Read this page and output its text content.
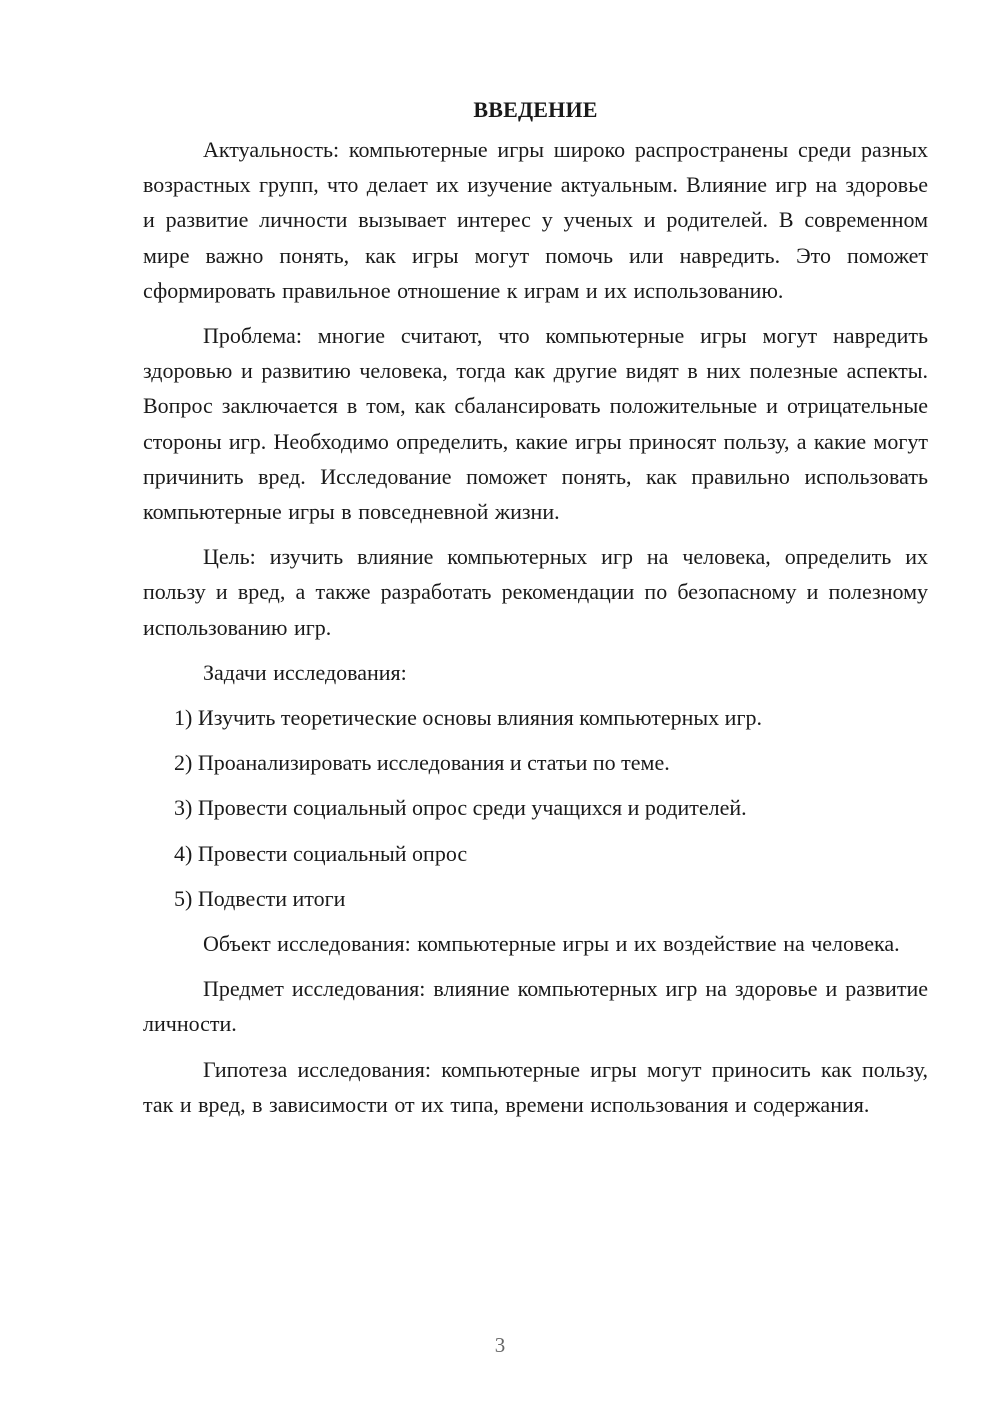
ВВЕДЕНИЕ

Актуальность: компьютерные игры широко распространены среди разных возрастных групп, что делает их изучение актуальным. Влияние игр на здоровье и развитие личности вызывает интерес у ученых и родителей. В современном мире важно понять, как игры могут помочь или навредить. Это поможет сформировать правильное отношение к играм и их использованию.

Проблема: многие считают, что компьютерные игры могут навредить здоровью и развитию человека, тогда как другие видят в них полезные аспекты. Вопрос заключается в том, как сбалансировать положительные и отрицательные стороны игр. Необходимо определить, какие игры приносят пользу, а какие могут причинить вред. Исследование поможет понять, как правильно использовать компьютерные игры в повседневной жизни.

Цель: изучить влияние компьютерных игр на человека, определить их пользу и вред, а также разработать рекомендации по безопасному и полезному использованию игр.

Задачи исследования:

1) Изучить теоретические основы влияния компьютерных игр.
2) Проанализировать исследования и статьи по теме.
3) Провести социальный опрос среди учащихся и родителей.
4) Провести социальный опрос
5) Подвести итоги

Объект исследования: компьютерные игры и их воздействие на человека.

Предмет исследования: влияние компьютерных игр на здоровье и развитие личности.

Гипотеза исследования: компьютерные игры могут приносить как пользу, так и вред, в зависимости от их типа, времени использования и содержания.

3
